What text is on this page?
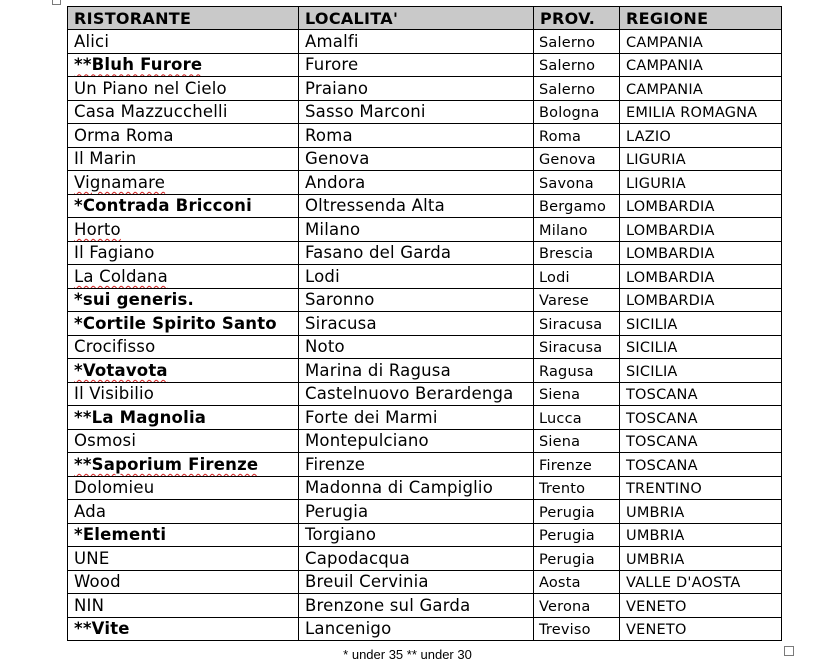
RISTORANTE	LOCALITA'	PROV.	REGIONE
Alici	Amalfi	Salerno	CAMPANIA
**Bluh Furore	Furore	Salerno	CAMPANIA
Un Piano nel Cielo	Praiano	Salerno	CAMPANIA
Casa Mazzucchelli	Sasso Marconi	Bologna	EMILIA ROMAGNA
Orma Roma	Roma	Roma	LAZIO
Il Marin	Genova	Genova	LIGURIA
Vignamare	Andora	Savona	LIGURIA
*Contrada Bricconi	Oltressenda Alta	Bergamo	LOMBARDIA
Horto	Milano	Milano	LOMBARDIA
Il Fagiano	Fasano del Garda	Brescia	LOMBARDIA
La Coldana	Lodi	Lodi	LOMBARDIA
*sui generis.	Saronno	Varese	LOMBARDIA
*Cortile Spirito Santo	Siracusa	Siracusa	SICILIA
Crocifisso	Noto	Siracusa	SICILIA
*Votavota	Marina di Ragusa	Ragusa	SICILIA
Il Visibilio	Castelnuovo Berardenga	Siena	TOSCANA
**La Magnolia	Forte dei Marmi	Lucca	TOSCANA
Osmosi	Montepulciano	Siena	TOSCANA
**Saporium Firenze	Firenze	Firenze	TOSCANA
Dolomieu	Madonna di Campiglio	Trento	TRENTINO
Ada	Perugia	Perugia	UMBRIA
*Elementi	Torgiano	Perugia	UMBRIA
UNE	Capodacqua	Perugia	UMBRIA
Wood	Breuil Cervinia	Aosta	VALLE D'AOSTA
NIN	Brenzone sul Garda	Verona	VENETO
**Vite	Lancenigo	Treviso	VENETO
* under 35 ** under 30
